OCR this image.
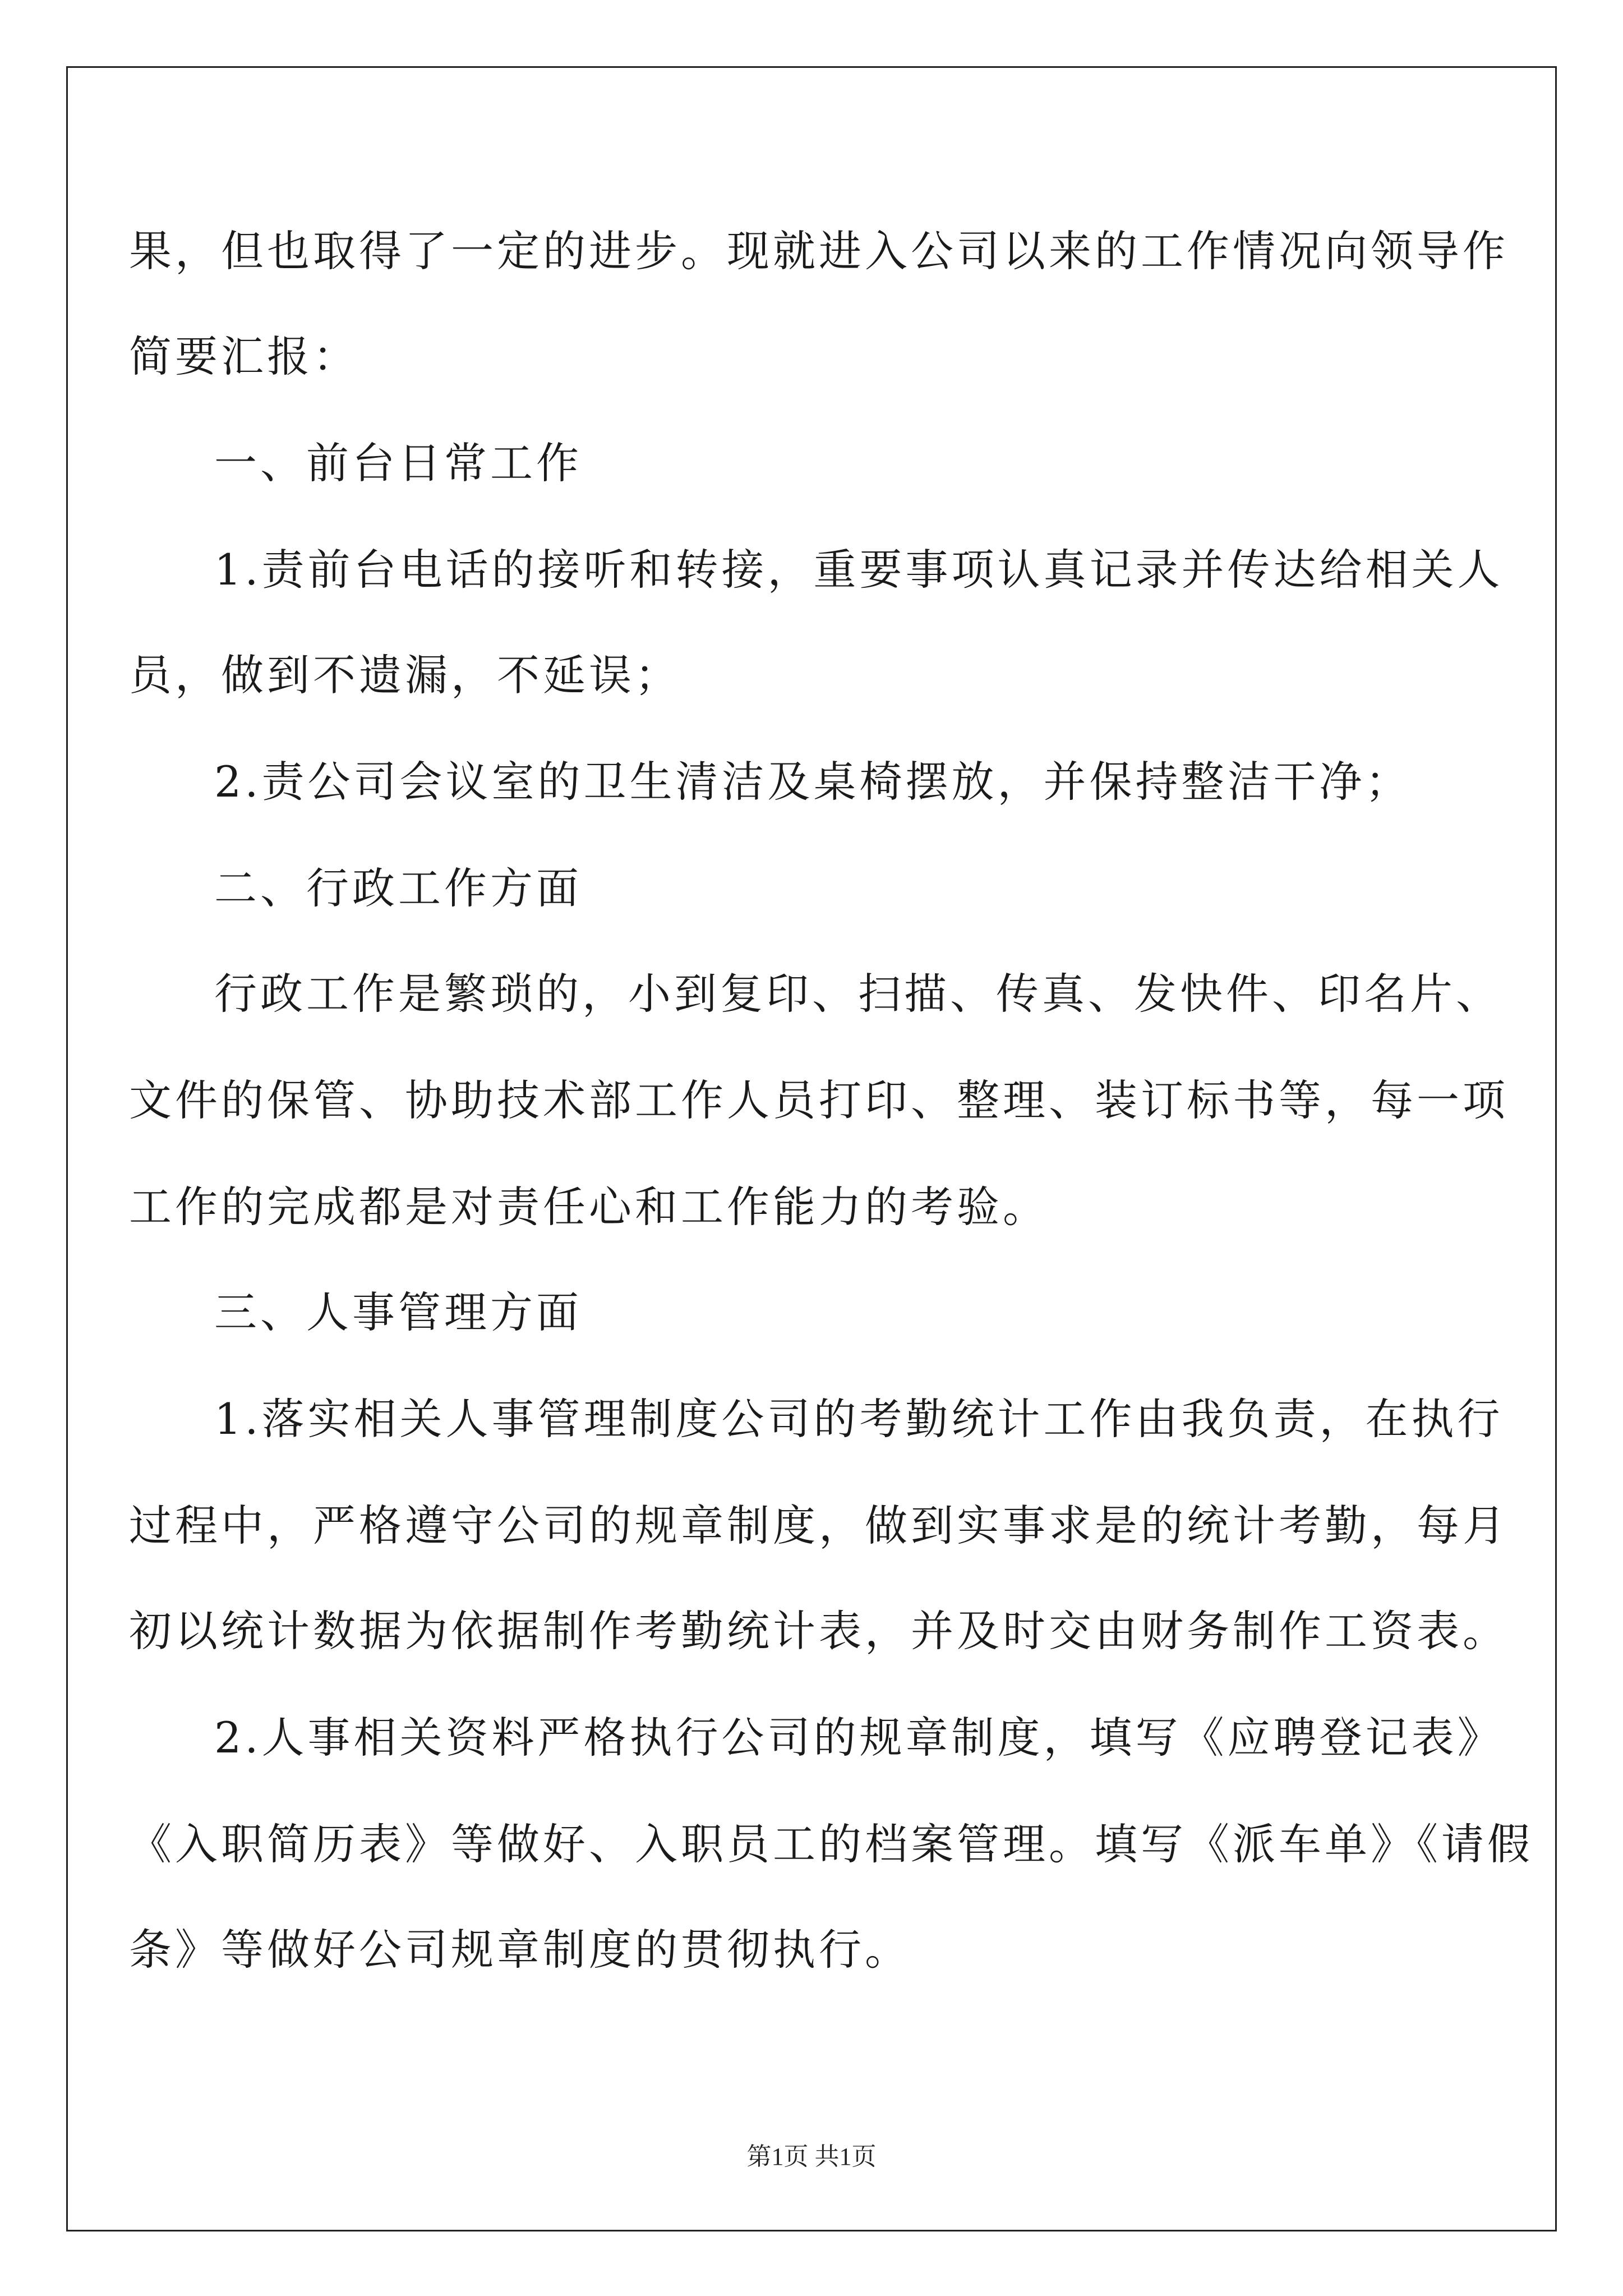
果，但也取得了一定的进步。现就进入公司以来的工作情况向领导作
简要汇报：
一、前台日常工作
1.责前台电话的接听和转接，重要事项认真记录并传达给相关人
员，做到不遗漏，不延误；
2.责公司会议室的卫生清洁及桌椅摆放，并保持整洁干净；
二、行政工作方面
行政工作是繁琐的，小到复印、扫描、传真、发快件、印名片、
文件的保管、协助技术部工作人员打印、整理、装订标书等，每一项
工作的完成都是对责任心和工作能力的考验。
三、人事管理方面
1.落实相关人事管理制度公司的考勤统计工作由我负责，在执行
过程中，严格遵守公司的规章制度，做到实事求是的统计考勤，每月
初以统计数据为依据制作考勤统计表，并及时交由财务制作工资表。
2.人事相关资料严格执行公司的规章制度，填写《应聘登记表》
《入职简历表》等做好、入职员工的档案管理。填写《派车单》《请假
条》等做好公司规章制度的贯彻执行。
第1页 共1页
